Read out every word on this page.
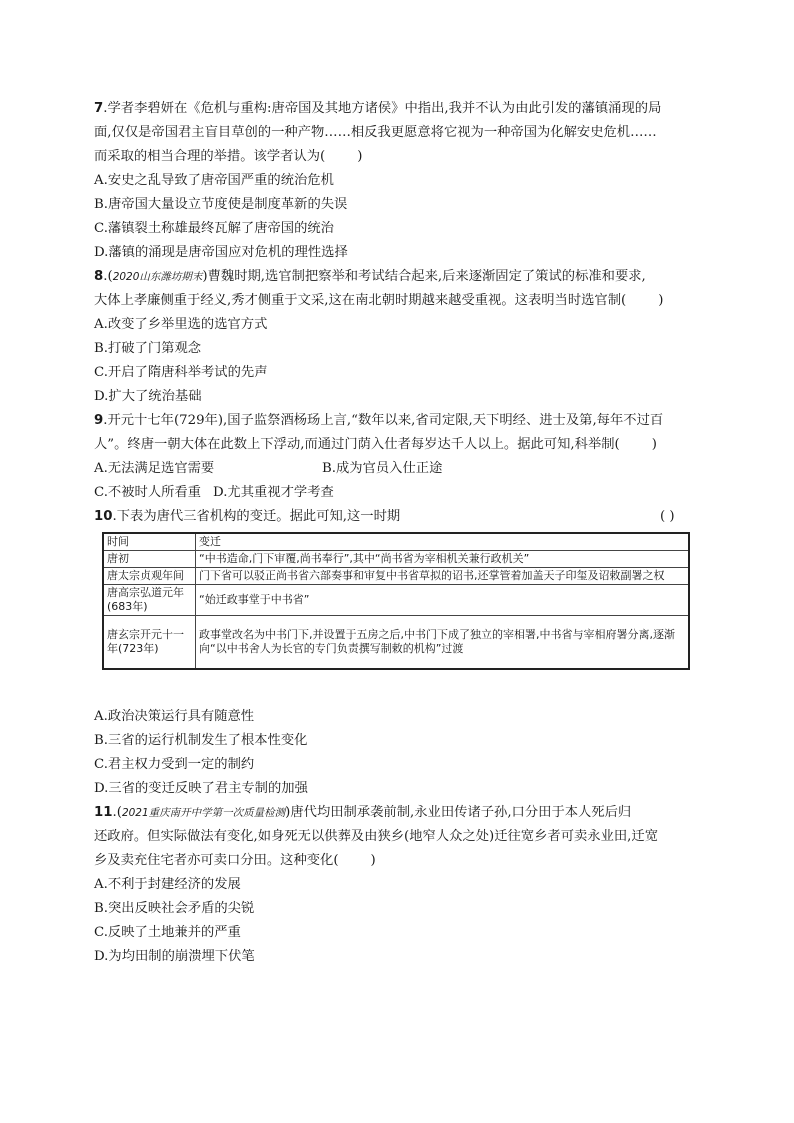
7.学者李碧妍在《危机与重构:唐帝国及其地方诸侯》中指出,我并不认为由此引发的藩镇涌现的局
面,仅仅是帝国君主盲目草创的一种产物……相反我更愿意将它视为一种帝国为化解安史危机……
而采取的相当合理的举措。该学者认为( )
A.安史之乱导致了唐帝国严重的统治危机
B.唐帝国大量设立节度使是制度革新的失误
C.藩镇裂土称雄最终瓦解了唐帝国的统治
D.藩镇的涌现是唐帝国应对危机的理性选择
8.(2020山东潍坊期末)曹魏时期,选官制把察举和考试结合起来,后来逐渐固定了策试的标准和要求,
大体上孝廉侧重于经义,秀才侧重于文采,这在南北朝时期越来越受重视。这表明当时选官制( )
A.改变了乡举里选的选官方式
B.打破了门第观念
C.开启了隋唐科举考试的先声
D.扩大了统治基础
9.开元十七年(729年),国子监祭酒杨玚上言,“数年以来,省司定限,天下明经、进士及第,每年不过百
人”。终唐一朝大体在此数上下浮动,而通过门荫入仕者每岁达千人以上。据此可知,科举制( )
A.无法满足选官需要	B.成为官员入仕正途
C.不被时人所看重 D.尤其重视才学考查
10.下表为唐代三省机构的变迁。据此可知,这一时期	( )
时间	变迁
唐初	“中书造命,门下审覆,尚书奉行”,其中“尚书省为宰相机关兼行政机关”
唐太宗贞观年间	门下省可以驳正尚书省六部奏事和审复中书省草拟的诏书,还掌管着加盖天子印玺及诏敕副署之权
唐高宗弘道元年(683年)	“始迁政事堂于中书省”
唐玄宗开元十一年(723年)	政事堂改名为中书门下,并设置于五房之后,中书门下成了独立的宰相署,中书省与宰相府署分离,逐渐向“以中书舍人为长官的专门负责撰写制敕的机构”过渡
A.政治决策运行具有随意性
B.三省的运行机制发生了根本性变化
C.君主权力受到一定的制约
D.三省的变迁反映了君主专制的加强
11.(2021重庆南开中学第一次质量检测)唐代均田制承袭前制,永业田传诸子孙,口分田于本人死后归
还政府。但实际做法有变化,如身死无以供葬及由狭乡(地窄人众之处)迁往宽乡者可卖永业田,迁宽
乡及卖充住宅者亦可卖口分田。这种变化( )
A.不利于封建经济的发展
B.突出反映社会矛盾的尖锐
C.反映了土地兼并的严重
D.为均田制的崩溃埋下伏笔
